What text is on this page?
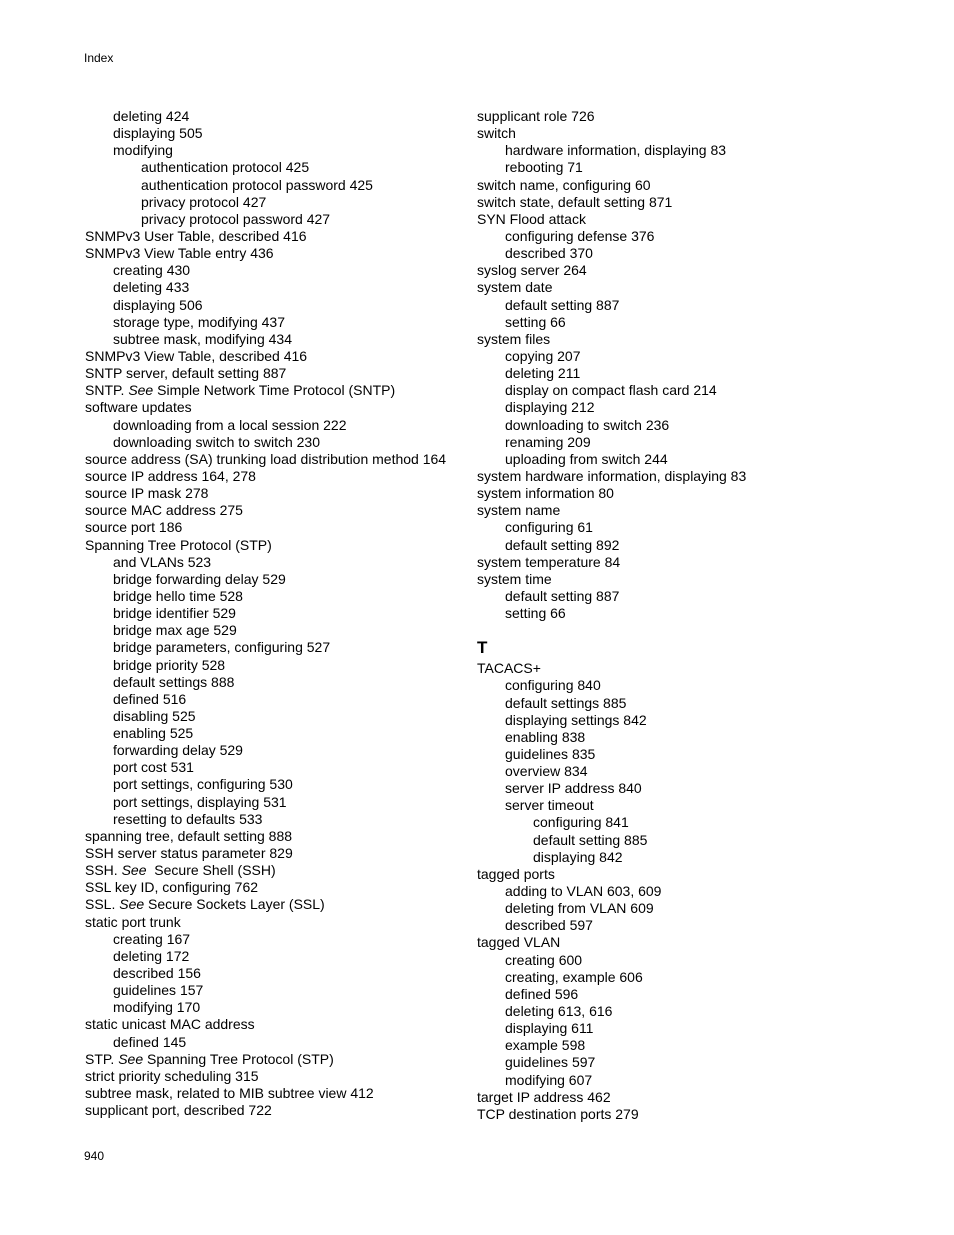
Index
deleting 424
displaying 505
modifying
authentication protocol 425
authentication protocol password 425
privacy protocol 427
privacy protocol password 427
SNMPv3 User Table, described 416
SNMPv3 View Table entry 436
creating 430
deleting 433
displaying 506
storage type, modifying 437
subtree mask, modifying 434
SNMPv3 View Table, described 416
SNTP server, default setting 887
SNTP. See Simple Network Time Protocol (SNTP)
software updates
downloading from a local session 222
downloading switch to switch 230
source address (SA) trunking load distribution method 164
source IP address 164, 278
source IP mask 278
source MAC address 275
source port 186
Spanning Tree Protocol (STP)
and VLANs 523
bridge forwarding delay 529
bridge hello time 528
bridge identifier 529
bridge max age 529
bridge parameters, configuring 527
bridge priority 528
default settings 888
defined 516
disabling 525
enabling 525
forwarding delay 529
port cost 531
port settings, configuring 530
port settings, displaying 531
resetting to defaults 533
spanning tree, default setting 888
SSH server status parameter 829
SSH. See  Secure Shell (SSH)
SSL key ID, configuring 762
SSL. See Secure Sockets Layer (SSL)
static port trunk
creating 167
deleting 172
described 156
guidelines 157
modifying 170
static unicast MAC address
defined 145
STP. See Spanning Tree Protocol (STP)
strict priority scheduling 315
subtree mask, related to MIB subtree view 412
supplicant port, described 722
supplicant role 726
switch
hardware information, displaying 83
rebooting 71
switch name, configuring 60
switch state, default setting 871
SYN Flood attack
configuring defense 376
described 370
syslog server 264
system date
default setting 887
setting 66
system files
copying 207
deleting 211
display on compact flash card 214
displaying 212
downloading to switch 236
renaming 209
uploading from switch 244
system hardware information, displaying 83
system information 80
system name
configuring 61
default setting 892
system temperature 84
system time
default setting 887
setting 66
T
TACACS+
configuring 840
default settings 885
displaying settings 842
enabling 838
guidelines 835
overview 834
server IP address 840
server timeout
configuring 841
default setting 885
displaying 842
tagged ports
adding to VLAN 603, 609
deleting from VLAN 609
described 597
tagged VLAN
creating 600
creating, example 606
defined 596
deleting 613, 616
displaying 611
example 598
guidelines 597
modifying 607
target IP address 462
TCP destination ports 279
940
